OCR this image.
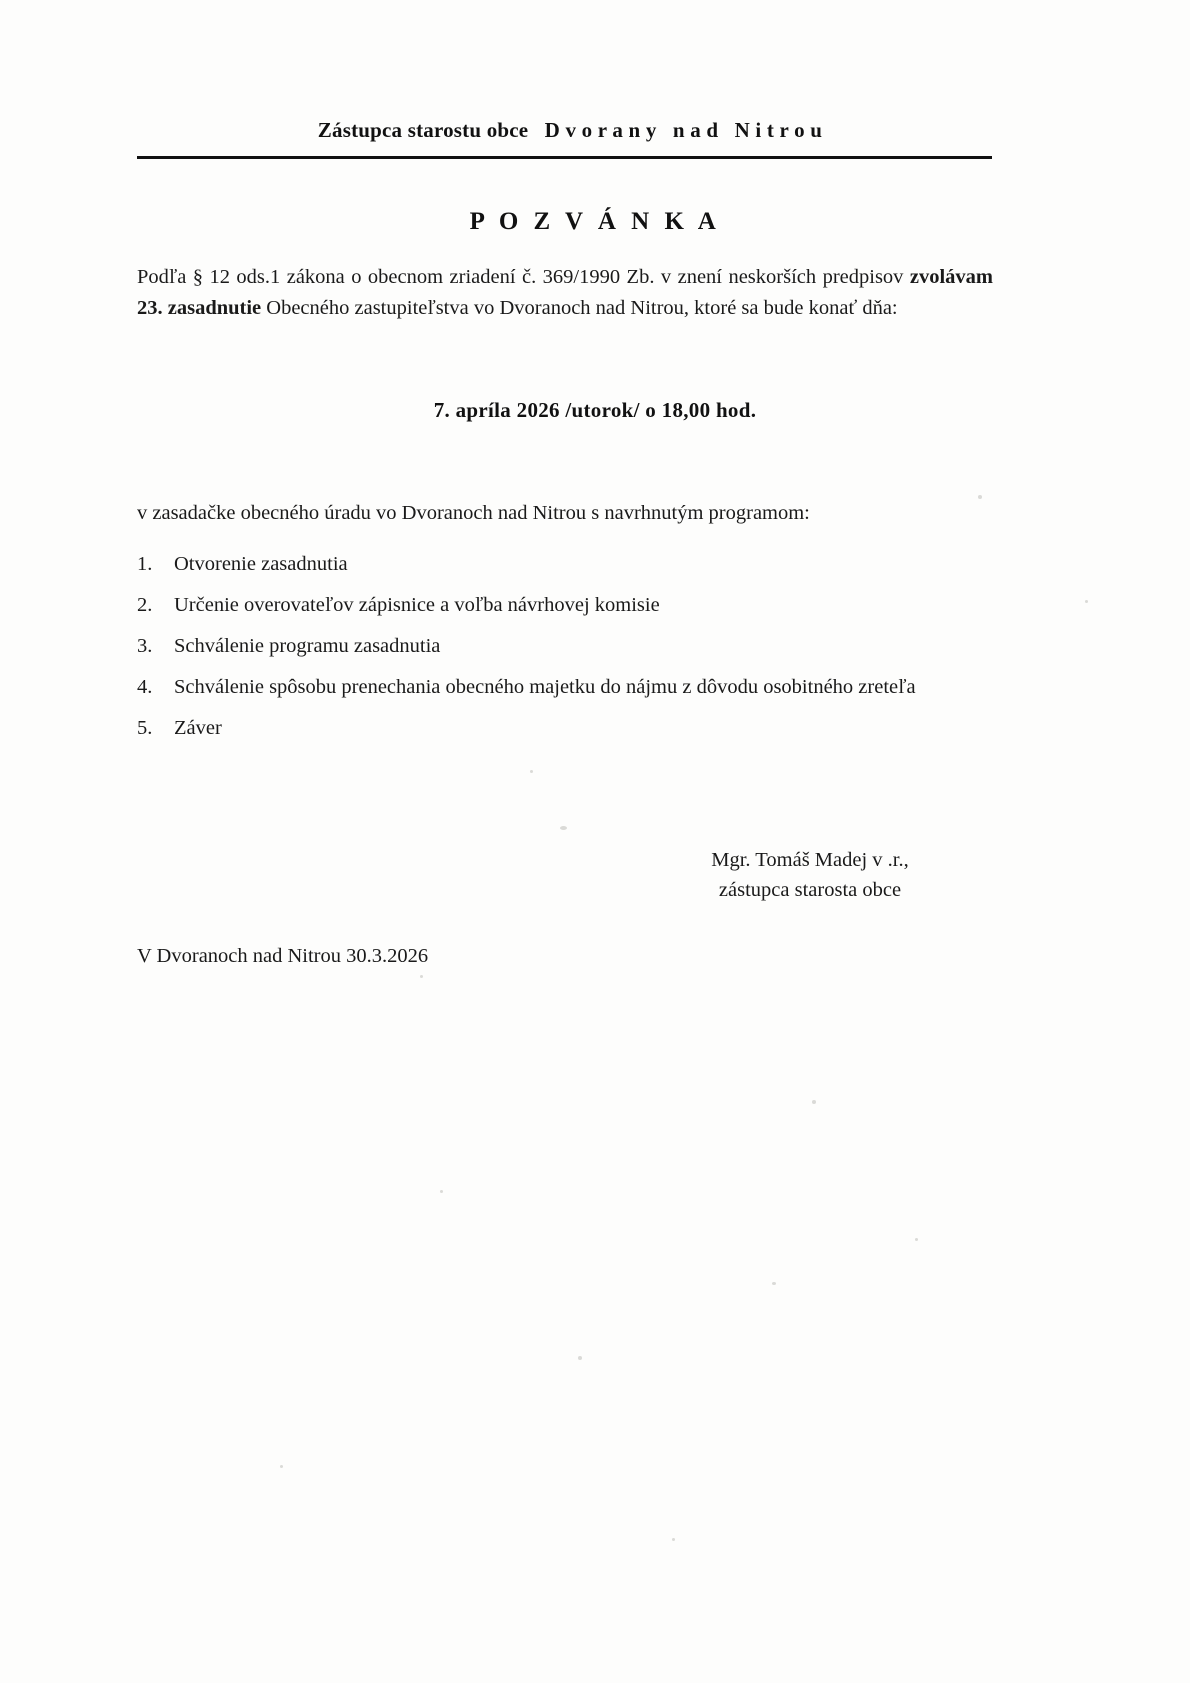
Zástupca starostu obce   D v o r a n y   n a d   N i t r o u
P O Z V Á N K A
Podľa § 12 ods.1 zákona o obecnom zriadení č. 369/1990 Zb. v znení neskorších predpisov zvolávam 23. zasadnutie Obecného zastupiteľstva vo Dvoranoch nad Nitrou, ktoré sa bude konať dňa:
7. apríla 2026 /utorok/ o 18,00 hod.
v zasadačke obecného úradu vo Dvoranoch nad Nitrou s navrhnutým programom:
1.	Otvorenie zasadnutia
2.	Určenie overovateľov zápisnice a voľba návrhovej komisie
3.	Schválenie programu zasadnutia
4.	Schválenie spôsobu prenechania obecného majetku do nájmu z dôvodu osobitného zreteľa
5.	Záver
Mgr. Tomáš Madej v .r.,
zástupca starosta obce
V Dvoranoch nad Nitrou 30.3.2026
